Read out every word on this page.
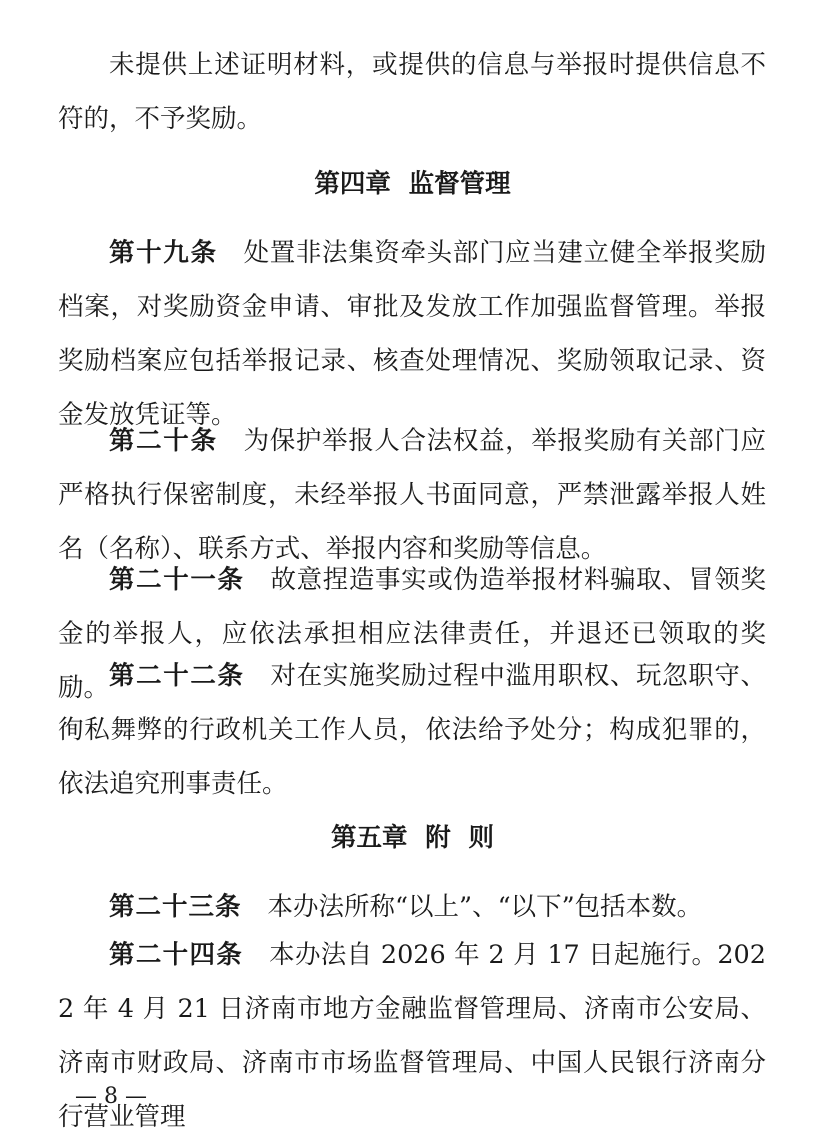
未提供上述证明材料，或提供的信息与举报时提供信息不符的，不予奖励。

第四章  监督管理

第十九条 处置非法集资牵头部门应当建立健全举报奖励档案，对奖励资金申请、审批及发放工作加强监督管理。举报奖励档案应包括举报记录、核查处理情况、奖励领取记录、资金发放凭证等。

第二十条 为保护举报人合法权益，举报奖励有关部门应严格执行保密制度，未经举报人书面同意，严禁泄露举报人姓名（名称）、联系方式、举报内容和奖励等信息。

第二十一条 故意捏造事实或伪造举报材料骗取、冒领奖金的举报人，应依法承担相应法律责任，并退还已领取的奖励。 第二十二条 对在实施奖励过程中滥用职权、玩忽职守、徇私舞弊的行政机关工作人员，依法给予处分；构成犯罪的，依法追究刑事责任。

第五章  附  则

第二十三条 本办法所称“以上”、“以下”包括本数。

第二十四条 本办法自 2026 年 2 月 17 日起施行。2022 年 4 月 21 日济南市地方金融监督管理局、济南市公安局、济南市财政局、济南市市场监督管理局、中国人民银行济南分行营业管理

— 8 —
